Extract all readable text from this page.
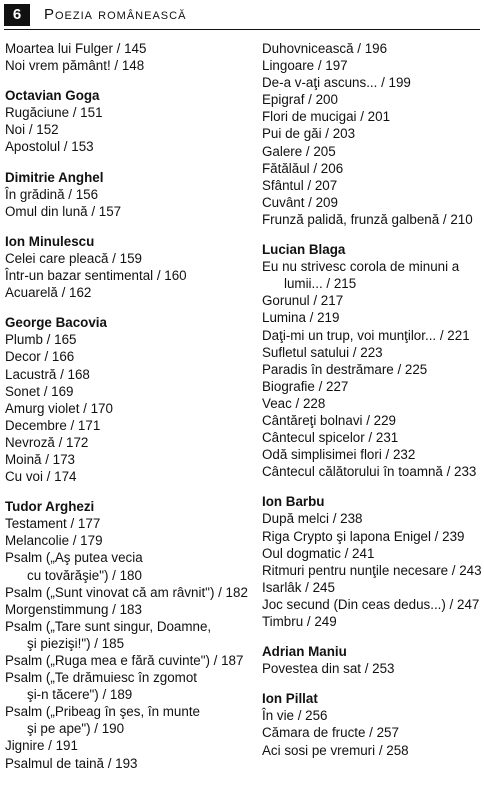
6	Poezia românească
Moartea lui Fulger / 145
Noi vrem pământ! / 148
Octavian Goga
Rugăciune / 151
Noi / 152
Apostolul / 153
Dimitrie Anghel
În grădină / 156
Omul din lună / 157
Ion Minulescu
Celei care pleacă / 159
Într-un bazar sentimental / 160
Acuarelă / 162
George Bacovia
Plumb / 165
Decor / 166
Lacustră / 168
Sonet / 169
Amurg violet / 170
Decembre / 171
Nevroză / 172
Moină / 173
Cu voi / 174
Tudor Arghezi
Testament / 177
Melancolie / 179
Psalm („Aş putea vecia
cu tovărăşie") / 180
Psalm („Sunt vinovat că am râvnit") / 182
Morgenstimmung / 183
Psalm („Tare sunt singur, Doamne,
şi piezişi!") / 185
Psalm („Ruga mea e fără cuvinte") / 187
Psalm („Te drămuiesc în zgomot
şi-n tăcere") / 189
Psalm („Pribeag în şes, în munte
şi pe ape") / 190
Jignire / 191
Psalmul de taină / 193
Duhovnicească / 196
Lingoare / 197
De-a v-aţi ascuns... / 199
Epigraf / 200
Flori de mucigai / 201
Pui de găi / 203
Galere / 205
Fătălăul / 206
Sfântul / 207
Cuvânt / 209
Frunză palidă, frunză galbenă / 210
Lucian Blaga
Eu nu strivesc corola de minuni a
lumii... / 215
Gorunul / 217
Lumina / 219
Daţi-mi un trup, voi munţilor... / 221
Sufletul satului / 223
Paradis în destrămare / 225
Biografie / 227
Veac / 228
Cântăreţi bolnavi / 229
Cântecul spicelor / 231
Odă simplisimei flori / 232
Cântecul călătorului în toamnă / 233
Ion Barbu
După melci / 238
Riga Crypto şi lapona Enigel / 239
Oul dogmatic / 241
Ritmuri pentru nunţile necesare / 243
Isarlâk / 245
Joc secund (Din ceas dedus...) / 247
Timbru / 249
Adrian Maniu
Povestea din sat / 253
Ion Pillat
În vie / 256
Cămara de fructe / 257
Aci sosi pe vremuri / 258
